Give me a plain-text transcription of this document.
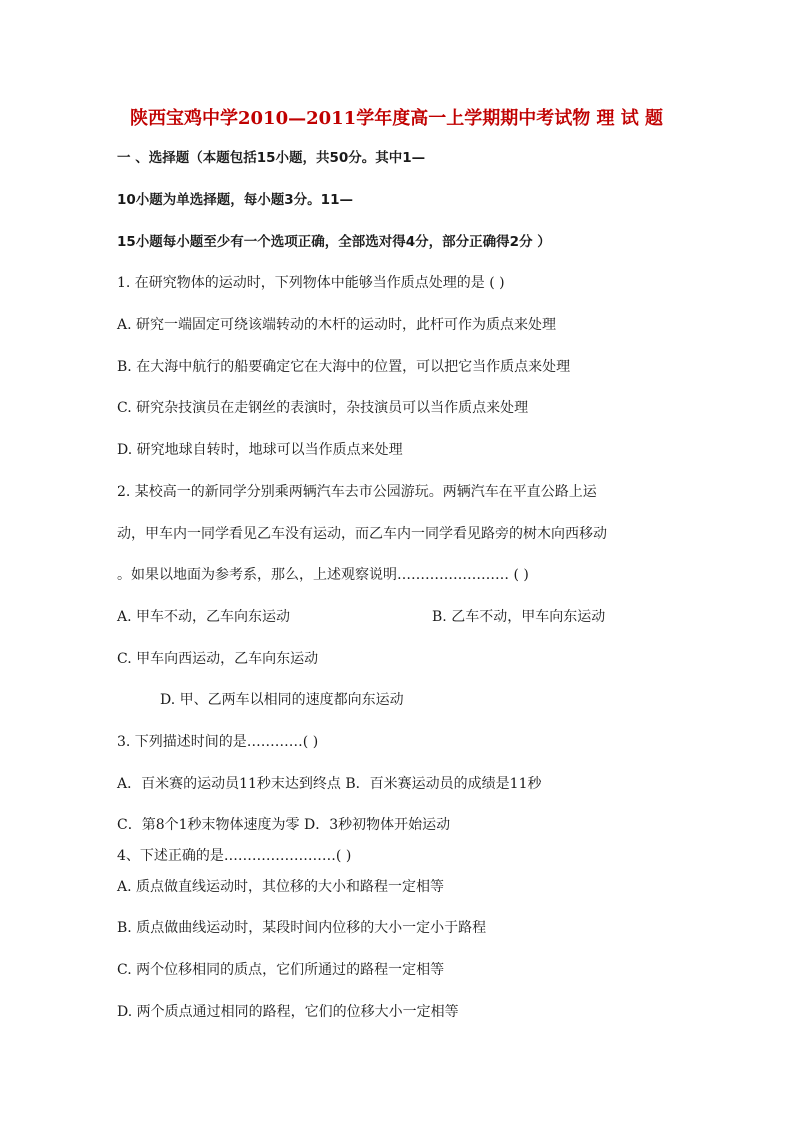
陕西宝鸡中学2010—2011学年度高一上学期期中考试物 理 试 题
一 、选择题（本题包括15小题，共50分。其中1—
10小题为单选择题，每小题3分。11—
15小题每小题至少有一个选项正确，全部选对得4分，部分正确得2分 ）
1. 在研究物体的运动时，下列物体中能够当作质点处理的是 ( )
A. 研究一端固定可绕该端转动的木杆的运动时，此杆可作为质点来处理
B. 在大海中航行的船要确定它在大海中的位置，可以把它当作质点来处理
C. 研究杂技演员在走钢丝的表演时，杂技演员可以当作质点来处理
D. 研究地球自转时，地球可以当作质点来处理
2. 某校高一的新同学分别乘两辆汽车去市公园游玩。两辆汽车在平直公路上运
动，甲车内一同学看见乙车没有运动，而乙车内一同学看见路旁的树木向西移动
。如果以地面为参考系，那么，上述观察说明…………………… ( )
A. 甲车不动，乙车向东运动	B. 乙车不动，甲车向东运动
C. 甲车向西运动，乙车向东运动
D. 甲、乙两车以相同的速度都向东运动
3. 下列描述时间的是…………( )
A．百米赛的运动员11秒末达到终点 B．百米赛运动员的成绩是11秒
C．第8个1秒末物体速度为零 D．3秒初物体开始运动
4、下述正确的是……………………( )
A. 质点做直线运动时，其位移的大小和路程一定相等
B. 质点做曲线运动时，某段时间内位移的大小一定小于路程
C. 两个位移相同的质点，它们所通过的路程一定相等
D. 两个质点通过相同的路程，它们的位移大小一定相等
